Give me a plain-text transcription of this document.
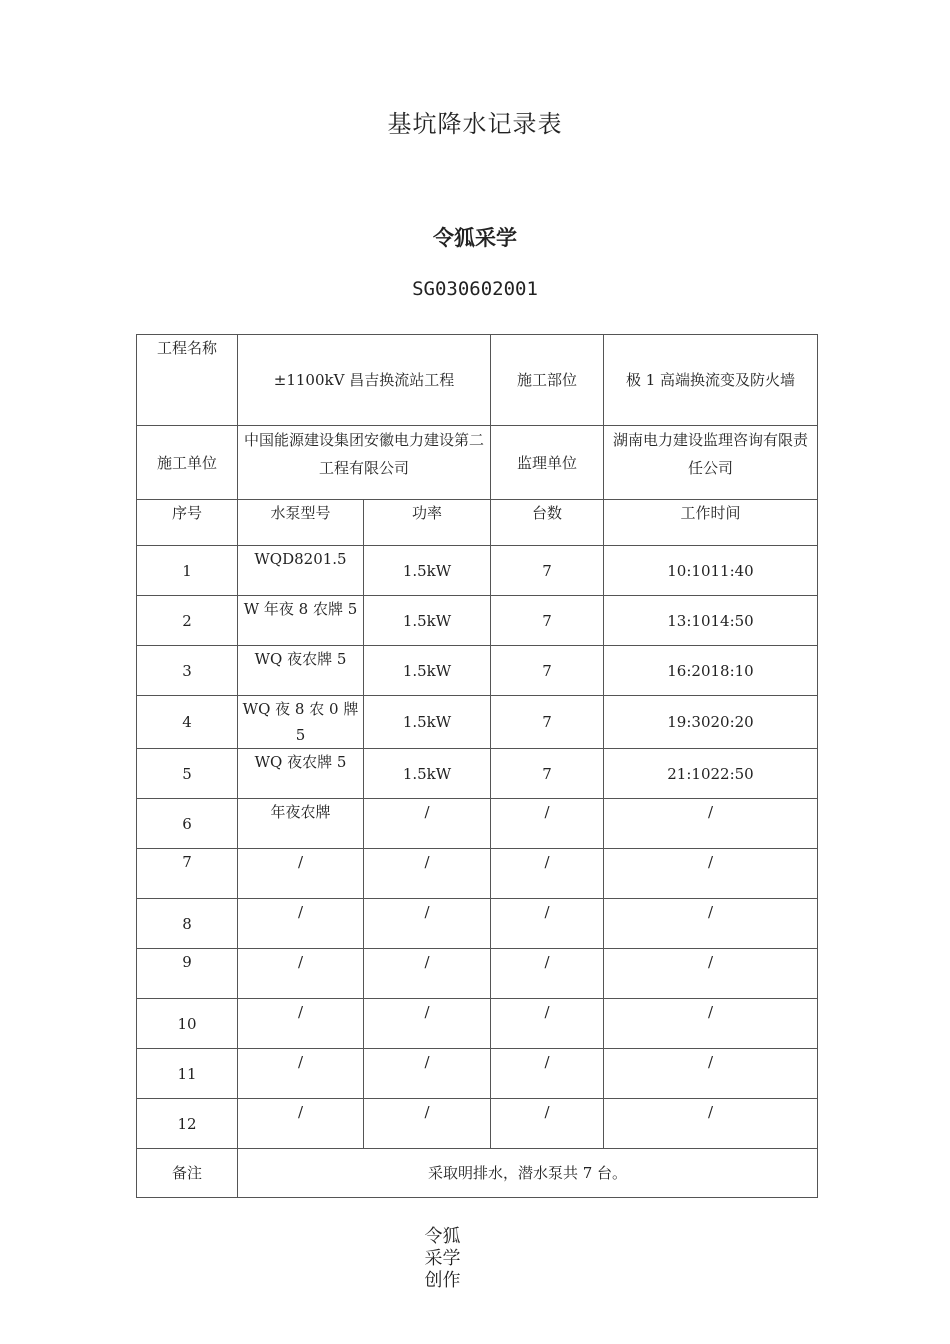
基坑降水记录表
令狐采学
SG030602001
工程名称	±1100kV 昌吉换流站工程		施工部位	极 1 高端换流变及防火墙
施工单位	中国能源建设集团安徽电力建设第二工程有限公司		监理单位	湖南电力建设监理咨询有限责任公司
序号	水泵型号	功率	台数	工作时间
1	WQD8201.5	1.5kW	7	10:1011:40
2	W 年夜 8 农牌 5	1.5kW	7	13:1014:50
3	WQ 夜农牌 5	1.5kW	7	16:2018:10
4	WQ 夜 8 农 0 牌 5	1.5kW	7	19:3020:20
5	WQ 夜农牌 5	1.5kW	7	21:1022:50
6	年夜农牌	/	/	/
7	/	/	/	/
8	/	/	/	/
9	/	/	/	/
10	/	/	/	/
11	/	/	/	/
12	/	/	/	/
备注	采取明排水，潜水泵共 7 台。			
令狐
采学
创作
